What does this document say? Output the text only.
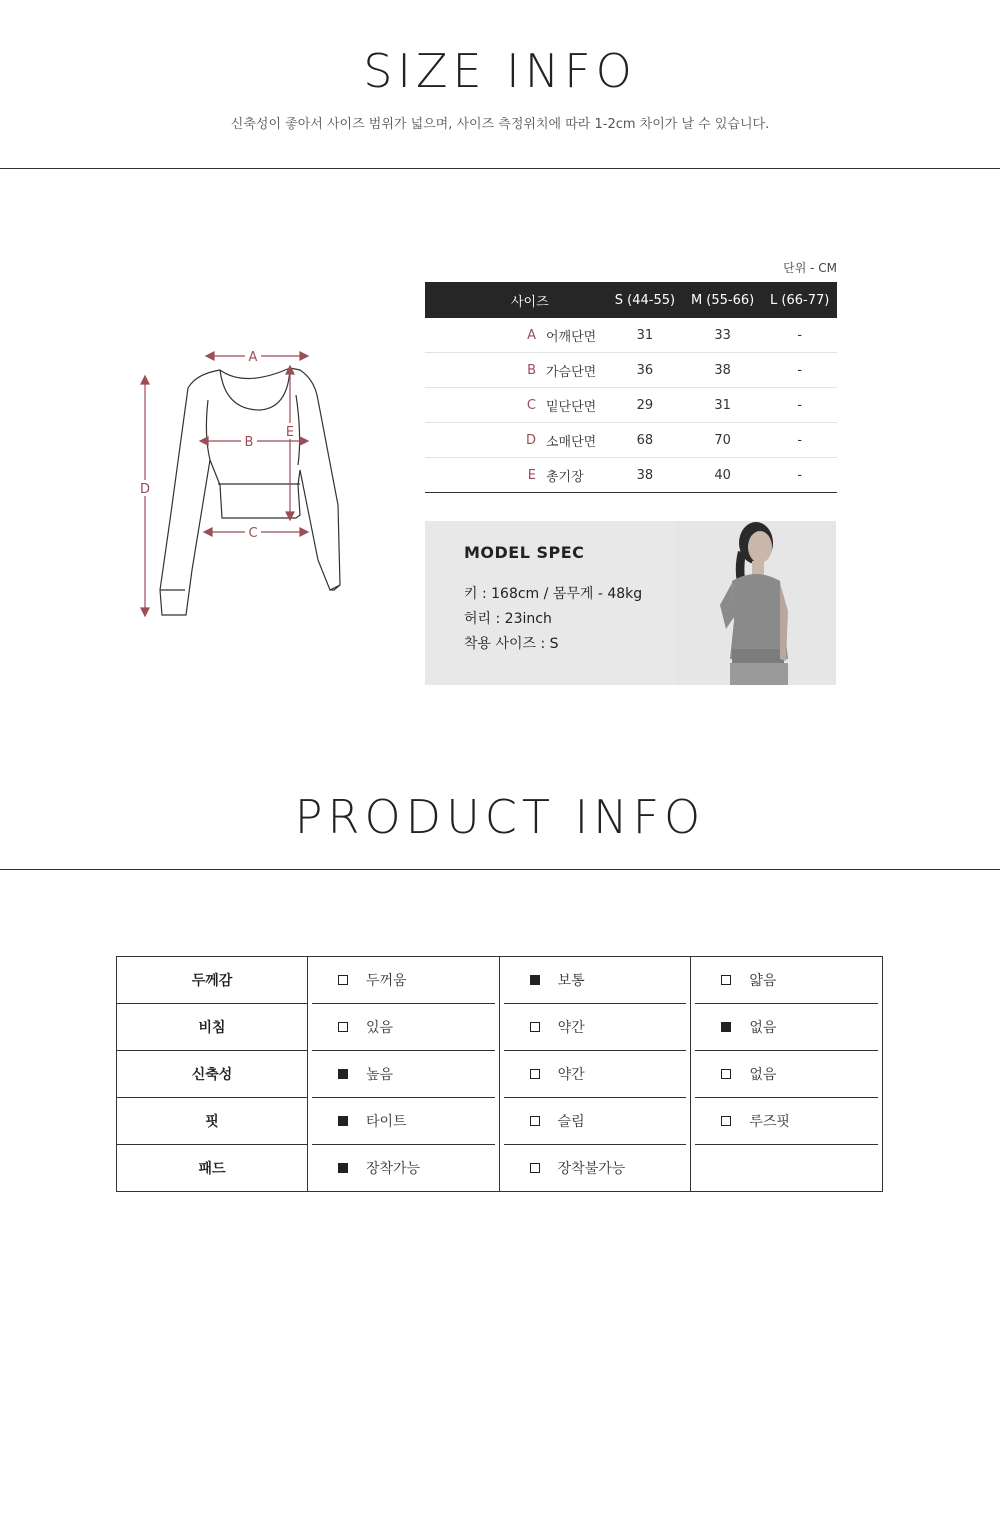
SIZE INFO
신축성이 좋아서 사이즈 범위가 넓으며, 사이즈 측정위치에 따라 1-2cm 차이가 날 수 있습니다.
A
B
C
D
E
단위 - CM
사이즈		S (44-55)	M (55-66)	L (66-77)
A	어깨단면	31	33	-
B	가슴단면	36	38	-
C	밑단단면	29	31	-
D	소매단면	68	70	-
E	총기장	38	40	-
MODEL SPEC
키 : 168cm / 몸무게 - 48kg
허리 : 23inch
착용 사이즈 : S
PRODUCT INFO
두께감	두꺼움	보통	얇음

비침	있음	약간	없음

신축성	높음	약간	없음

핏	타이트	슬림	루즈핏

패드	장착가능	장착불가능	
